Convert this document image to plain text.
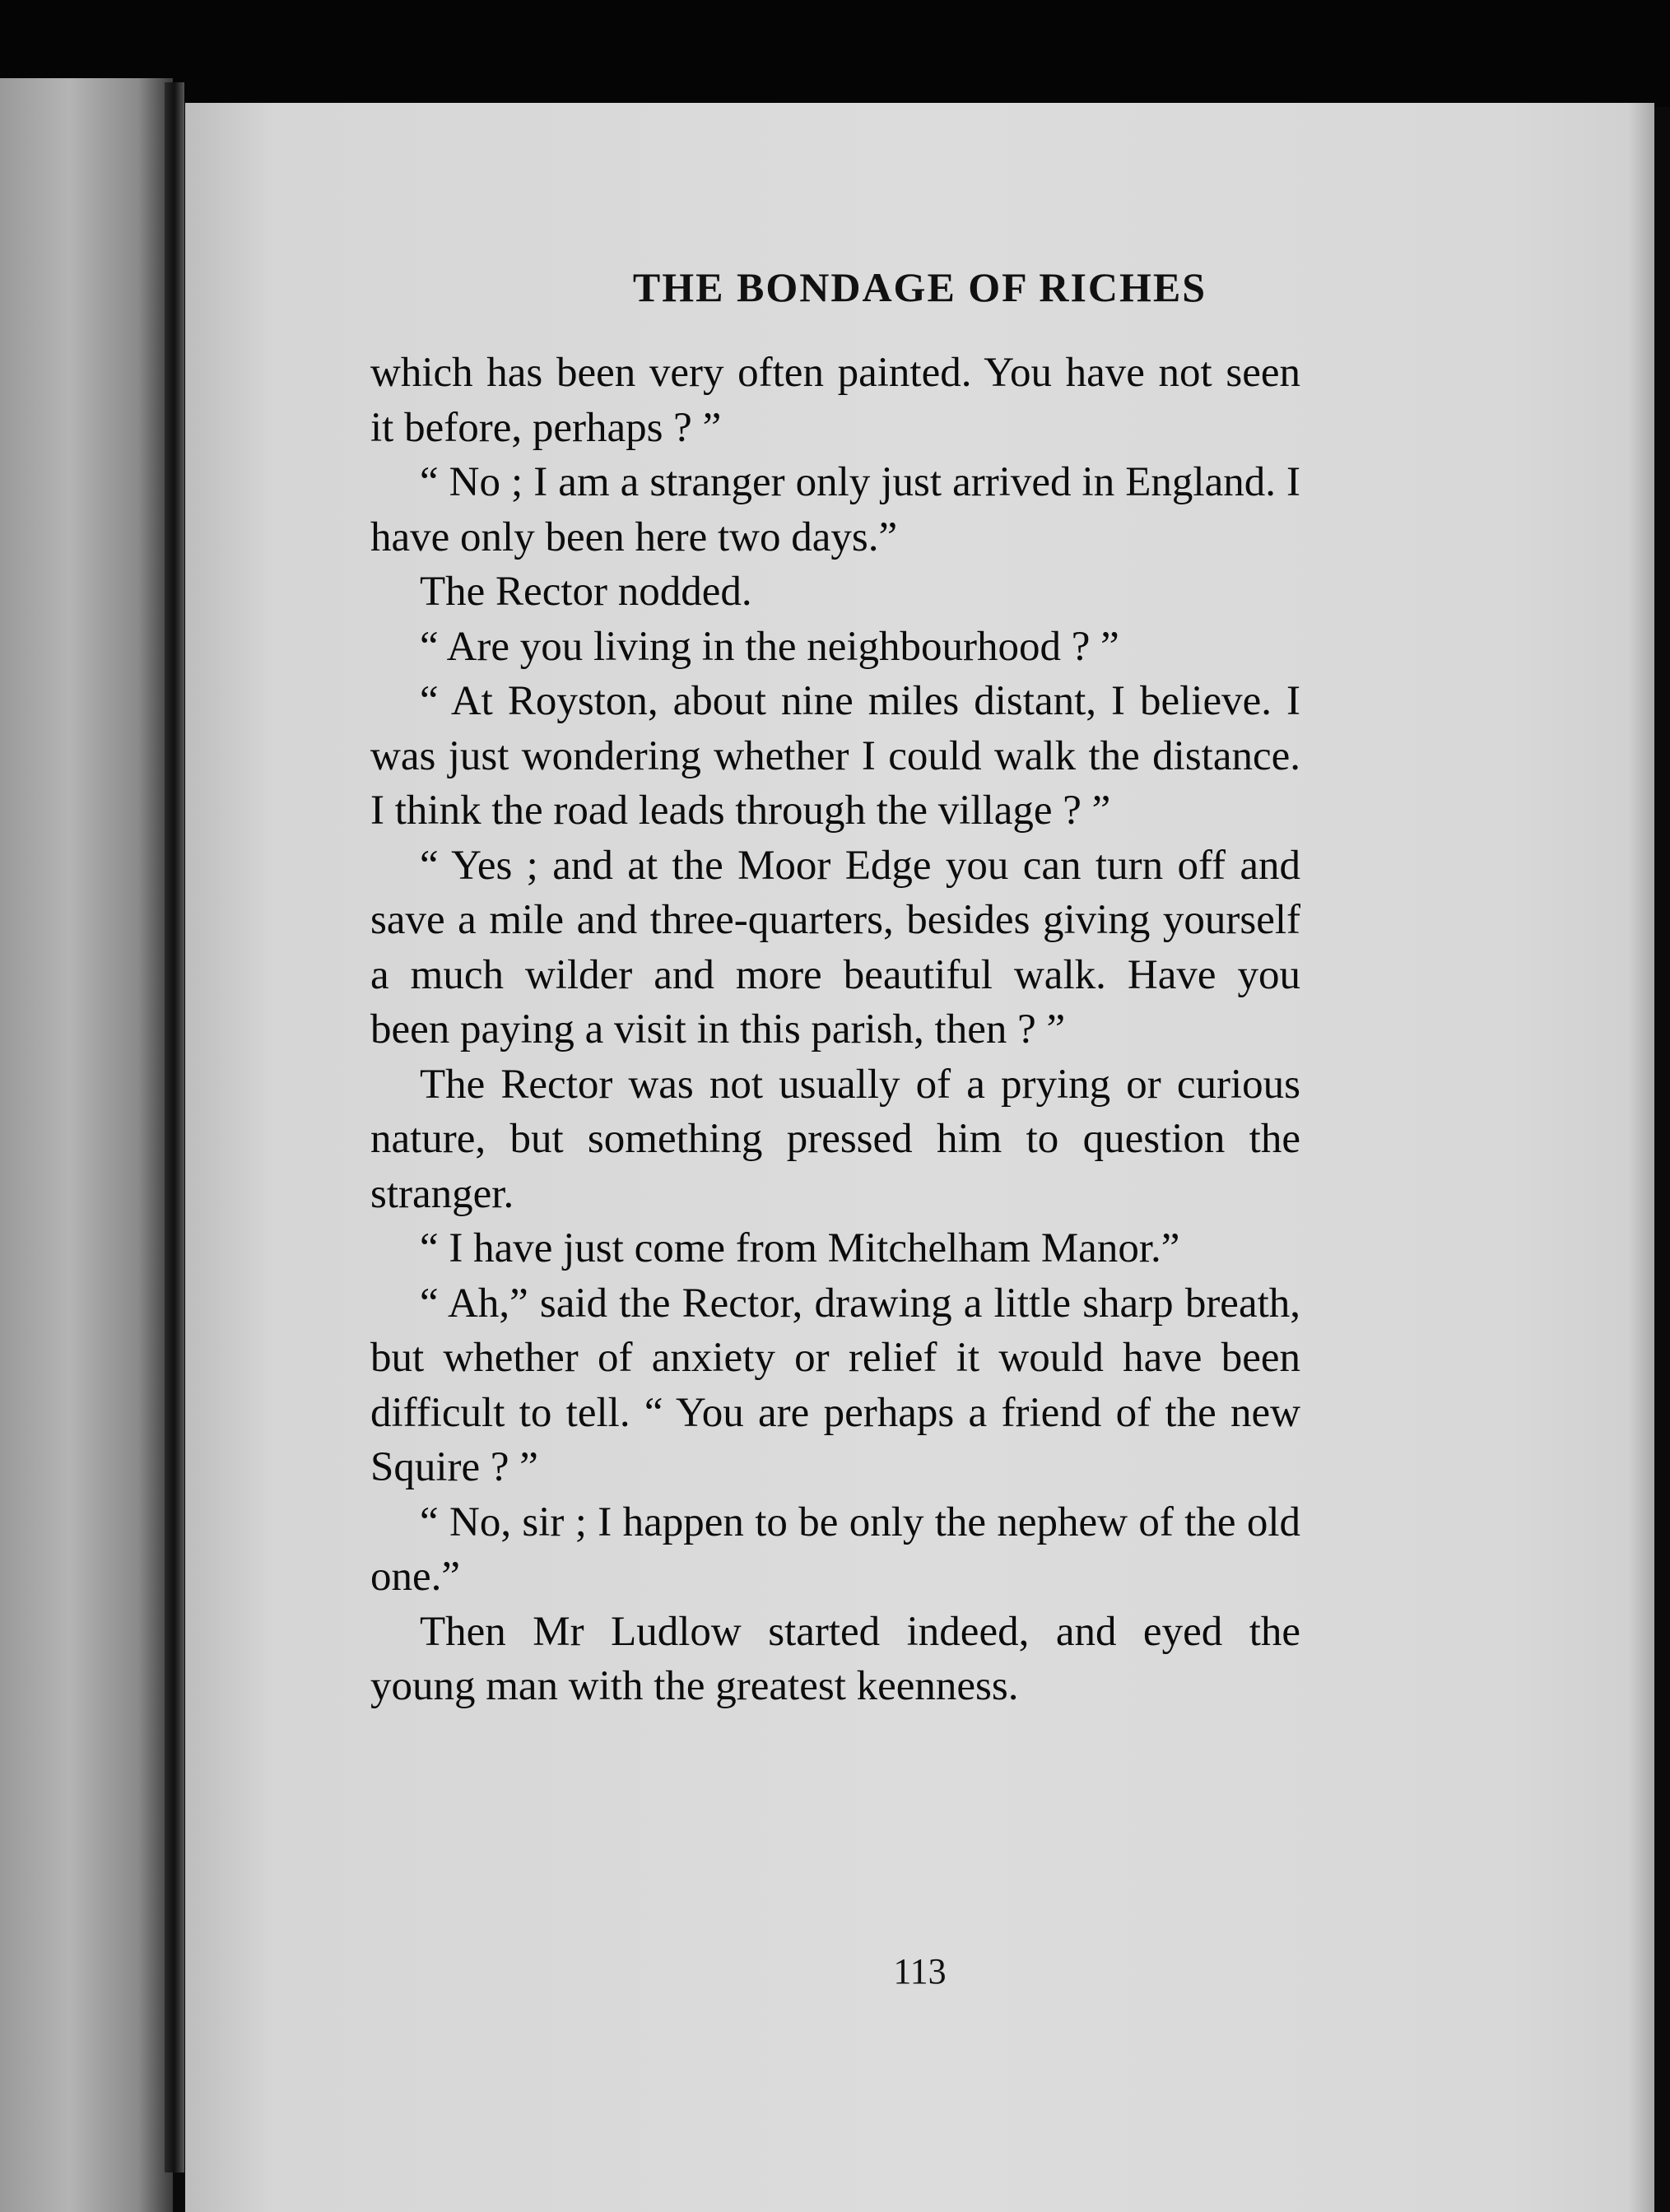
THE BONDAGE OF RICHES

which has been very often painted. You have not seen it before, perhaps ? ”

“ No ; I am a stranger only just arrived in England. I have only been here two days.”

The Rector nodded.

“ Are you living in the neighbourhood ? ”

“ At Royston, about nine miles distant, I believe. I was just wondering whether I could walk the distance. I think the road leads through the village ? ”

“ Yes ; and at the Moor Edge you can turn off and save a mile and three-quarters, besides giving yourself a much wilder and more beautiful walk. Have you been paying a visit in this parish, then ? ”

The Rector was not usually of a prying or curious nature, but something pressed him to question the stranger.

“ I have just come from Mitchelham Manor.”

“ Ah,” said the Rector, drawing a little sharp breath, but whether of anxiety or relief it would have been difficult to tell. “ You are perhaps a friend of the new Squire ? ”

“ No, sir ; I happen to be only the nephew of the old one.”

Then Mr Ludlow started indeed, and eyed the young man with the greatest keenness.

113
